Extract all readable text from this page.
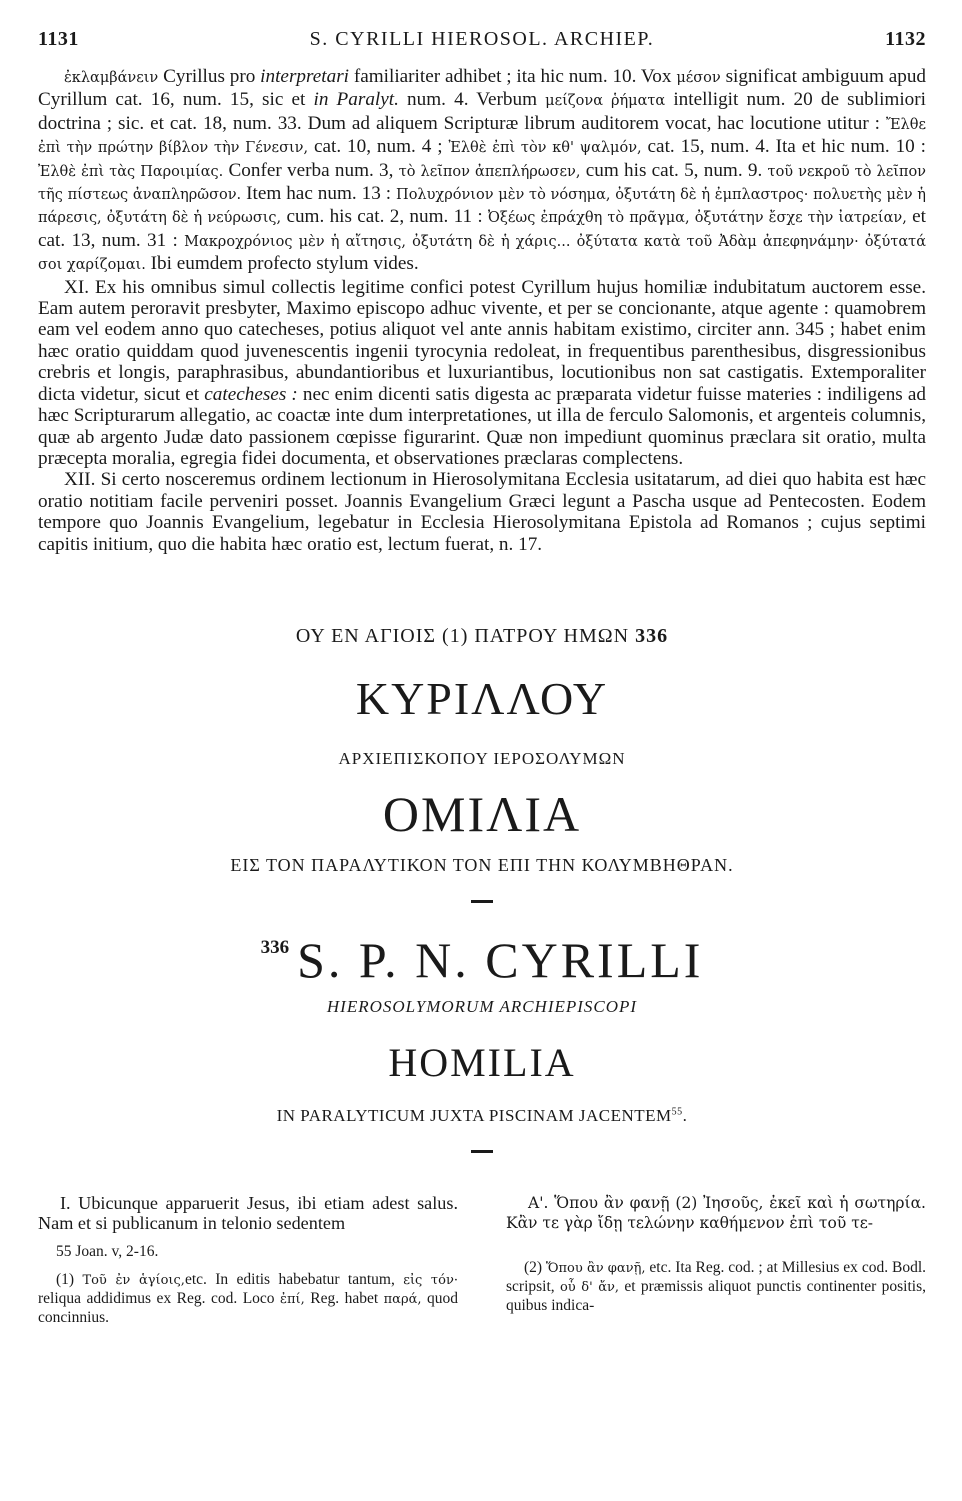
1131	S. CYRILLI HIEROSOL. ARCHIEP.	1132

ἐκλαμβάνειν Cyrillus pro interpretari familiariter adhibet ; ita hic num. 10. Vox μέσον significat ambiguum apud Cyrillum cat. 16, num. 15, sic et in Paralyt. num. 4. Verbum μείζονα ῥήματα intelligit num. 20 de sublimiori doctrina ; sic. et cat. 18, num. 33. Dum ad aliquem Scripturæ librum auditorem vocat, hac locutione utitur : Ἔλθε ἐπὶ τὴν πρώτην βίβλον τὴν Γένεσιν, cat. 10, num. 4 ; Ἐλθὲ ἐπὶ τὸν κθ' ψαλμόν, cat. 15, num. 4. Ita et hic num. 10 : Ἐλθὲ ἐπὶ τὰς Παροιμίας. Confer verba num. 3, τὸ λεῖπον ἀπεπλήρωσεν, cum his cat. 5, num. 9. τοῦ νεκροῦ τὸ λεῖπον τῆς πίστεως ἀναπληρῶσον. Item hac num. 13 : Πολυχρόνιον μὲν τὸ νόσημα, ὀξυτάτη δὲ ἡ ἐμπλαστρος· πολυετὴς μὲν ἡ πάρεσις, ὀξυτάτη δὲ ἡ νεύρωσις, cum. his cat. 2, num. 11 : Ὀξέως ἐπράχθη τὸ πρᾶγμα, ὀξυτάτην ἔσχε τὴν ἰατρείαν, et cat. 13, num. 31 : Μακροχρόνιος μὲν ἡ αἴτησις, ὀξυτάτη δὲ ἡ χάρις... ὀξύτατα κατὰ τοῦ Ἀδὰμ ἀπεφηνάμην· ὀξύτατά σοι χαρίζομαι. Ibi eumdem profecto stylum vides.

XI. Ex his omnibus simul collectis legitime confici potest Cyrillum hujus homiliæ indubitatum auctorem esse. Eam autem peroravit presbyter, Maximo episcopo adhuc vivente, et per se concionante, atque agente : quamobrem eam vel eodem anno quo catecheses, potius aliquot vel ante annis habitam existimo, circiter ann. 345 ; habet enim hæc oratio quiddam quod juvenescentis ingenii tyrocynia redoleat, in frequentibus parenthesibus, disgressionibus crebris et longis, paraphrasibus, abundantioribus et luxuriantibus, locutionibus non sat castigatis. Extemporaliter dicta videtur, sicut et catecheses : nec enim dicenti satis digesta ac præparata videtur fuisse materies : indiligens ad hæc Scripturarum allegatio, ac coactæ inte dum interpretationes, ut illa de ferculo Salomonis, et argenteis columnis, quæ ab argento Judæ dato passionem cœpisse figurarint. Quæ non impediunt quominus præclara sit oratio, multa præcepta moralia, egregia fidei documenta, et observationes præclaras complectens.

XII. Si certo nosceremus ordinem lectionum in Hierosolymitana Ecclesia usitatarum, ad diei quo habita est hæc oratio notitiam facile perveniri posset. Joannis Evangelium Græci legunt a Pascha usque ad Pentecosten. Eodem tempore quo Joannis Evangelium, legebatur in Ecclesia Hierosolymitana Epistola ad Romanos ; cujus septimi capitis initium, quo die habita hæc oratio est, lectum fuerat, n. 17.

ΟΥ ΕΝ ΑΓΙΟΙΣ (1) ΠΑΤΡΟΥ ΗΜΩΝ 336
ΚΥΡΙΛΛΟΥ
ΑΡΧΙΕΠΙΣΚΟΠΟΥ ΙΕΡΟΣΟΛΥΜΩΝ
ΟΜΙΛΙΑ
ΕΙΣ ΤΟΝ ΠΑΡΑΛΥΤΙΚΟΝ ΤΟΝ ΕΠΙ ΤΗΝ ΚΟΛΥΜΒΗΘΡΑΝ.
$^{336}$ S. P. N. CYRILLI
HIEROSOLYMORUM ARCHIEPISCOPI
HOMILIA
IN PARALYTICUM JUXTA PISCINAM JACENTEM$^{55}$.

I. Ubicunque apparuerit Jesus, ibi etiam adest salus. Nam et si publicanum in telonio sedentem

55 Joan. v, 2-16.

(1) Τοῦ ἐν ἁγίοις,etc. In editis habebatur tantum, εἰς τόν· reliqua addidimus ex Reg. cod. Loco ἐπί, Reg. habet παρά, quod concinnius.

Α'. Ὅπου ἂν φανῇ (2) Ἰησοῦς, ἐκεῖ καὶ ἡ σωτηρία. Κἂν τε γὰρ ἴδῃ τελώνην καθήμενον ἐπὶ τοῦ τε-

(2) Ὅπου ἂν φανῇ, etc. Ita Reg. cod. ; at Millesius ex cod. Bodl. scripsit, οὗ δ' ἄν, et præmissis aliquot punctis continenter positis, quibus indica-
